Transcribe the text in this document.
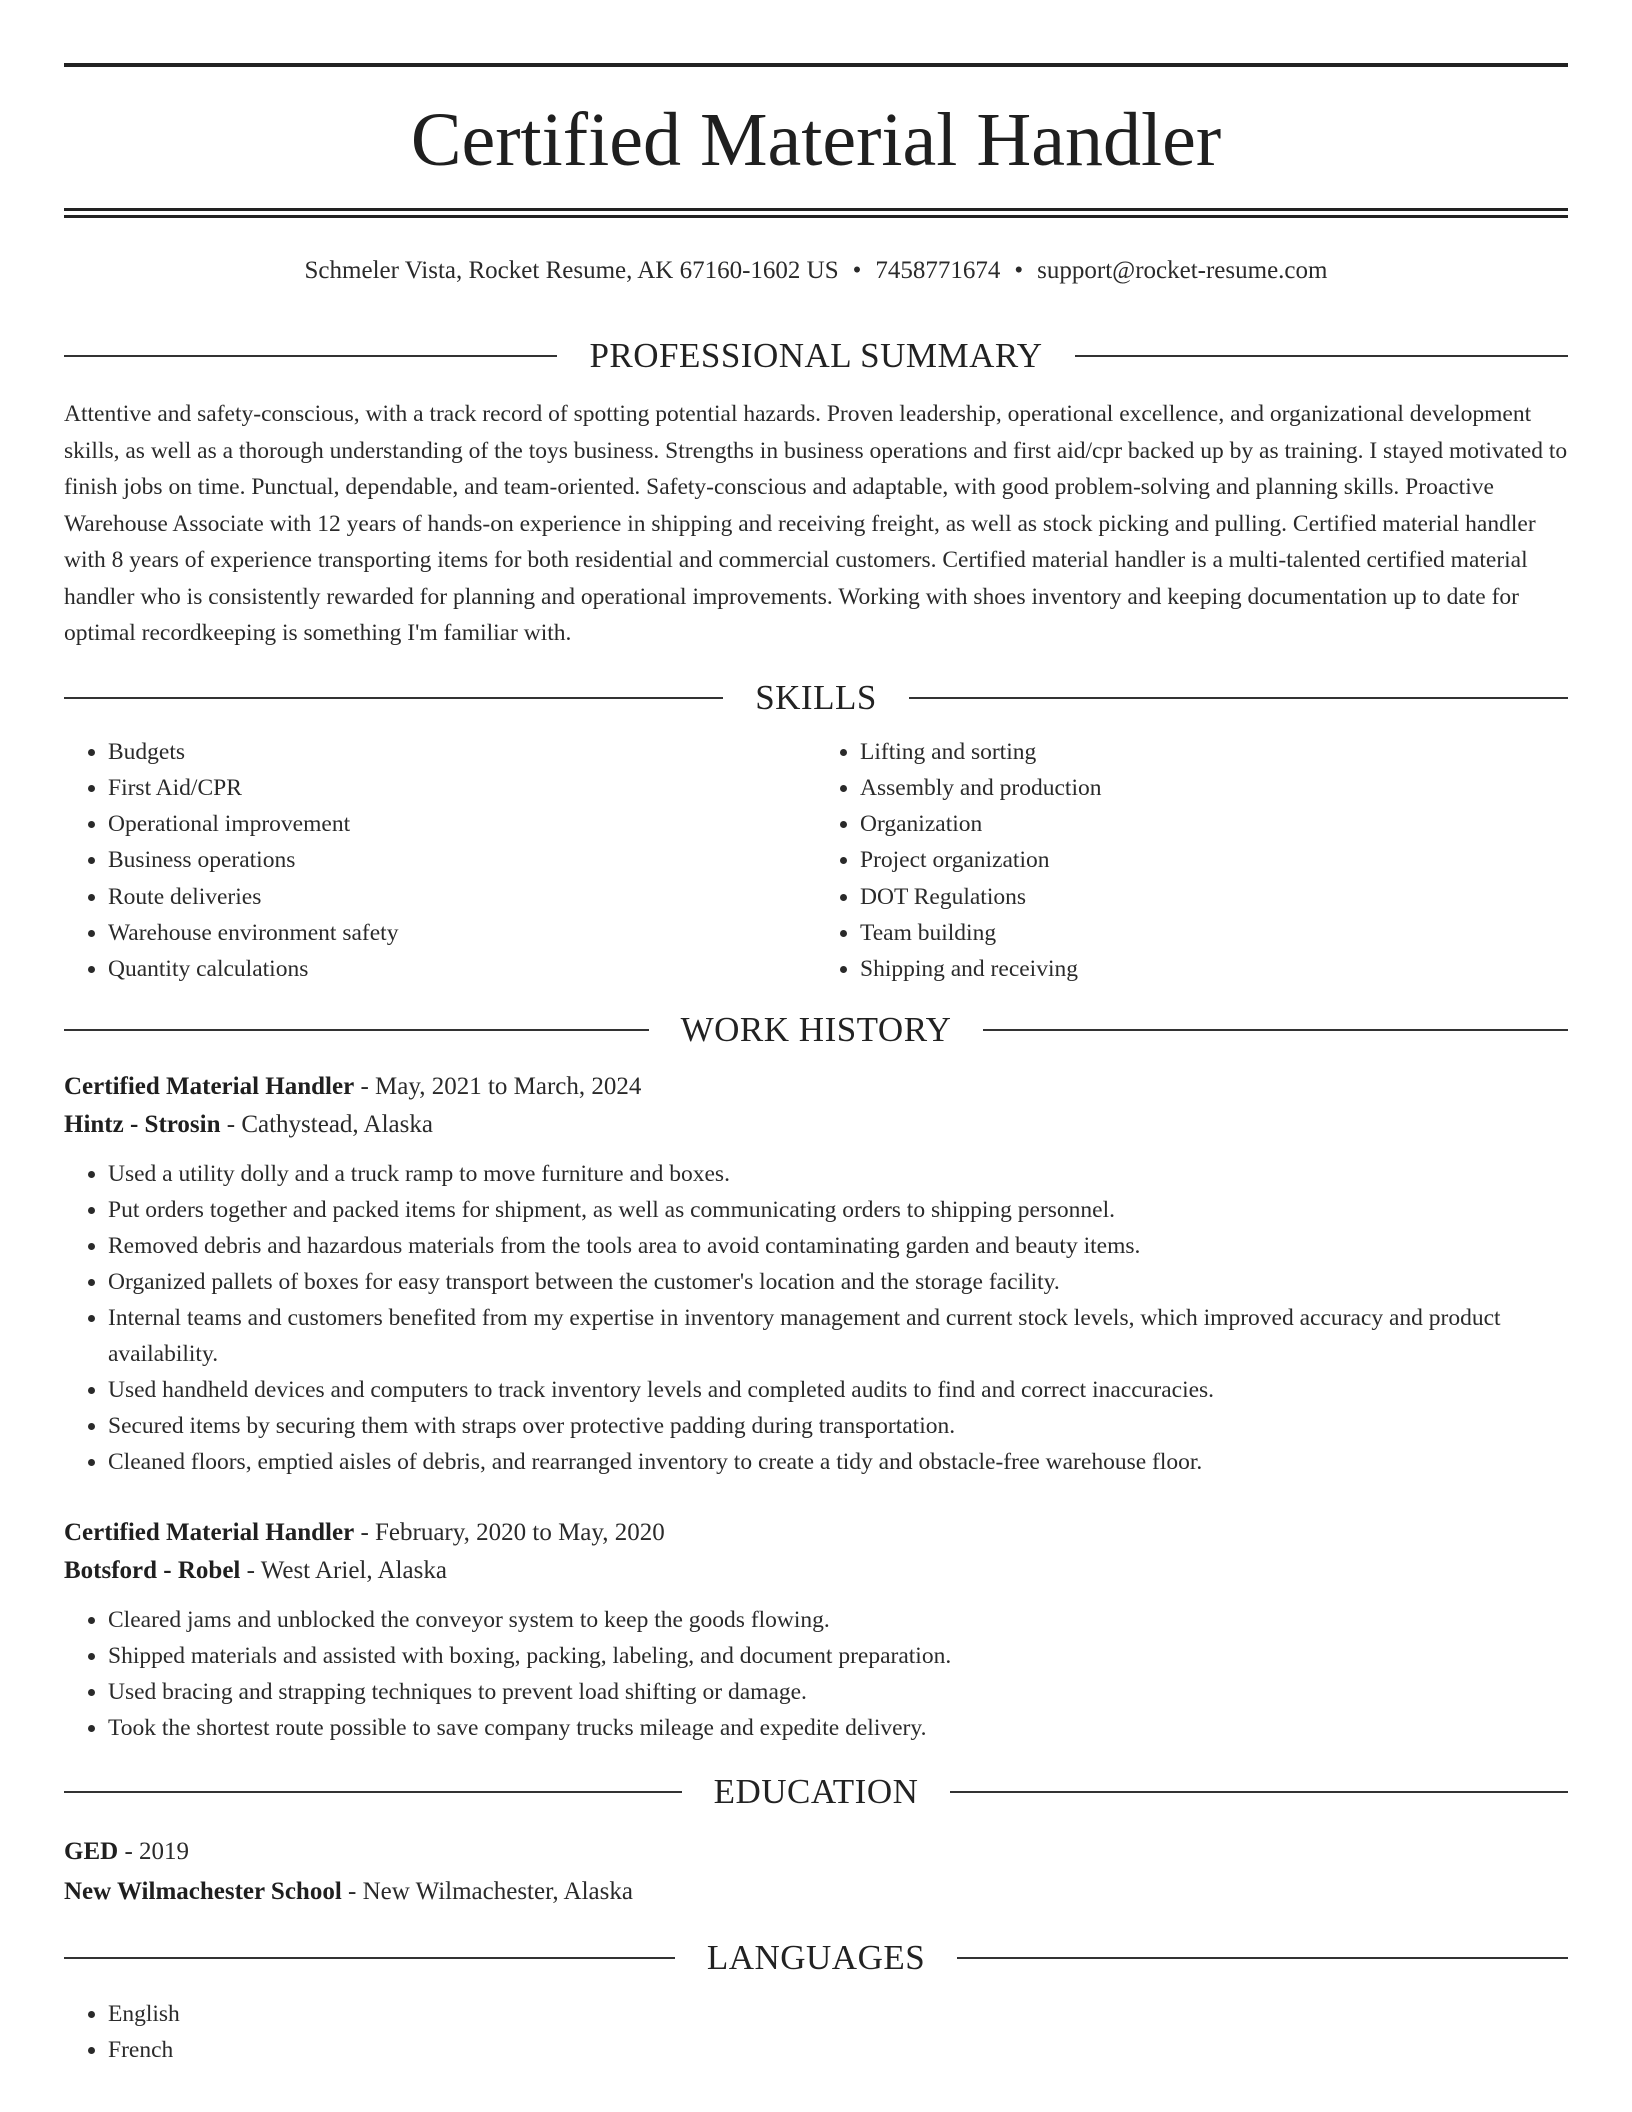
Certified Material Handler
Schmeler Vista, Rocket Resume, AK 67160-1602 US • 7458771674 • support@rocket-resume.com
PROFESSIONAL SUMMARY

Attentive and safety-conscious, with a track record of spotting potential hazards. Proven leadership, operational excellence, and organizational development skills, as well as a thorough understanding of the toys business. Strengths in business operations and first aid/cpr backed up by as training. I stayed motivated to finish jobs on time. Punctual, dependable, and team-oriented. Safety-conscious and adaptable, with good problem-solving and planning skills. Proactive Warehouse Associate with 12 years of hands-on experience in shipping and receiving freight, as well as stock picking and pulling. Certified material handler with 8 years of experience transporting items for both residential and commercial customers. Certified material handler is a multi-talented certified material handler who is consistently rewarded for planning and operational improvements. Working with shoes inventory and keeping documentation up to date for optimal recordkeeping is something I'm familiar with.

SKILLS
• Budgets
• First Aid/CPR
• Operational improvement
• Business operations
• Route deliveries
• Warehouse environment safety
• Quantity calculations
• Lifting and sorting
• Assembly and production
• Organization
• Project organization
• DOT Regulations
• Team building
• Shipping and receiving
WORK HISTORY
Certified Material Handler - May, 2021 to March, 2024
Hintz - Strosin - Cathystead, Alaska
• Used a utility dolly and a truck ramp to move furniture and boxes.
• Put orders together and packed items for shipment, as well as communicating orders to shipping personnel.
• Removed debris and hazardous materials from the tools area to avoid contaminating garden and beauty items.
• Organized pallets of boxes for easy transport between the customer's location and the storage facility.
• Internal teams and customers benefited from my expertise in inventory management and current stock levels, which improved accuracy and product availability.
• Used handheld devices and computers to track inventory levels and completed audits to find and correct inaccuracies.
• Secured items by securing them with straps over protective padding during transportation.
• Cleaned floors, emptied aisles of debris, and rearranged inventory to create a tidy and obstacle-free warehouse floor.
Certified Material Handler - February, 2020 to May, 2020
Botsford - Robel - West Ariel, Alaska
• Cleared jams and unblocked the conveyor system to keep the goods flowing.
• Shipped materials and assisted with boxing, packing, labeling, and document preparation.
• Used bracing and strapping techniques to prevent load shifting or damage.
• Took the shortest route possible to save company trucks mileage and expedite delivery.
EDUCATION
GED - 2019
New Wilmachester School - New Wilmachester, Alaska
LANGUAGES
• English
• French
